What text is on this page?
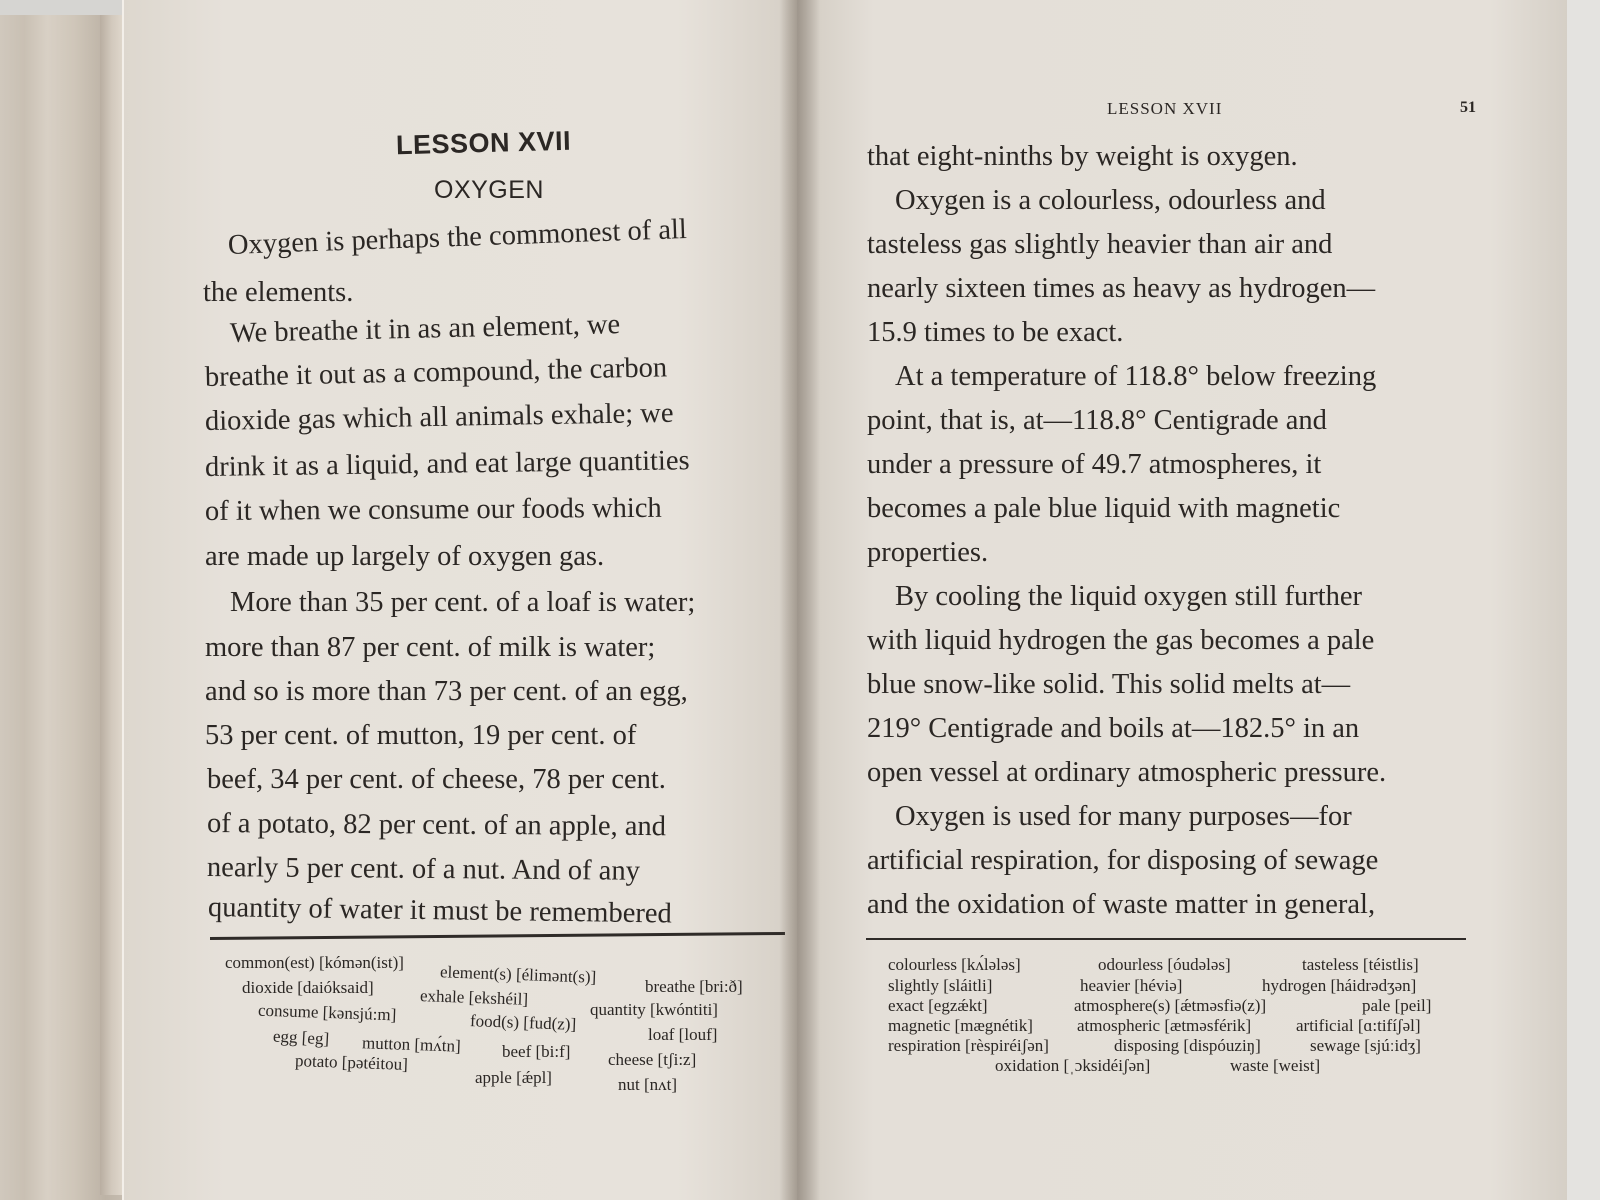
LESSON XVII
OXYGEN
Oxygen is perhaps the commonest of all
the elements.
We breathe it in as an element, we
breathe it out as a compound, the carbon
dioxide gas which all animals exhale; we
drink it as a liquid, and eat large quantities
of it when we consume our foods which
are made up largely of oxygen gas.
More than 35 per cent. of a loaf is water;
more than 87 per cent. of milk is water;
and so is more than 73 per cent. of an egg,
53 per cent. of mutton, 19 per cent. of
beef, 34 per cent. of cheese, 78 per cent.
of a potato, 82 per cent. of an apple, and
nearly 5 per cent. of a nut. And of any
quantity of water it must be remembered
common(est) [kómən(ist)] element(s) [élimənt(s)]	breathe [bri:ð]
dioxide [daióksaid]	exhale [ekshéil]
quantity [kwóntiti]
consume [kənsjú:m]	food(s) [fud(z)]
loaf [louf]
egg [eg] mutton [mʌ́tn] beef [bi:f] cheese [tʃi:z]
potato [pətéitou]
apple [ǽpl]	nut [nʌt]
LESSON XVII	51
that eight-ninths by weight is oxygen.
Oxygen is a colourless, odourless and
tasteless gas slightly heavier than air and
nearly sixteen times as heavy as hydrogen—
15.9 times to be exact.
At a temperature of 118.8° below freezing
point, that is, at—118.8° Centigrade and
under a pressure of 49.7 atmospheres, it
becomes a pale blue liquid with magnetic
properties.
By cooling the liquid oxygen still further
with liquid hydrogen the gas becomes a pale
blue snow-like solid. This solid melts at—
219° Centigrade and boils at—182.5° in an
open vessel at ordinary atmospheric pressure.
Oxygen is used for many purposes—for
artificial respiration, for disposing of sewage
and the oxidation of waste matter in general,
colourless [kʌ́lələs]	odourless [óudələs]	tasteless [téistlis]
slightly [sláitli]	heavier [héviə]	hydrogen [háidrədʒən]
exact [egzǽkt]	atmosphere(s) [ǽtməsfiə(z)]	pale [peil]
magnetic [mægnétik]	atmospheric [ætməsférik]	artificial [ɑ:tifíʃəl]
respiration [rèspiréiʃən]	disposing [dispóuziŋ]	sewage [sjúːidʒ]
oxidation [ˌɔksidéiʃən]	waste [weist]
